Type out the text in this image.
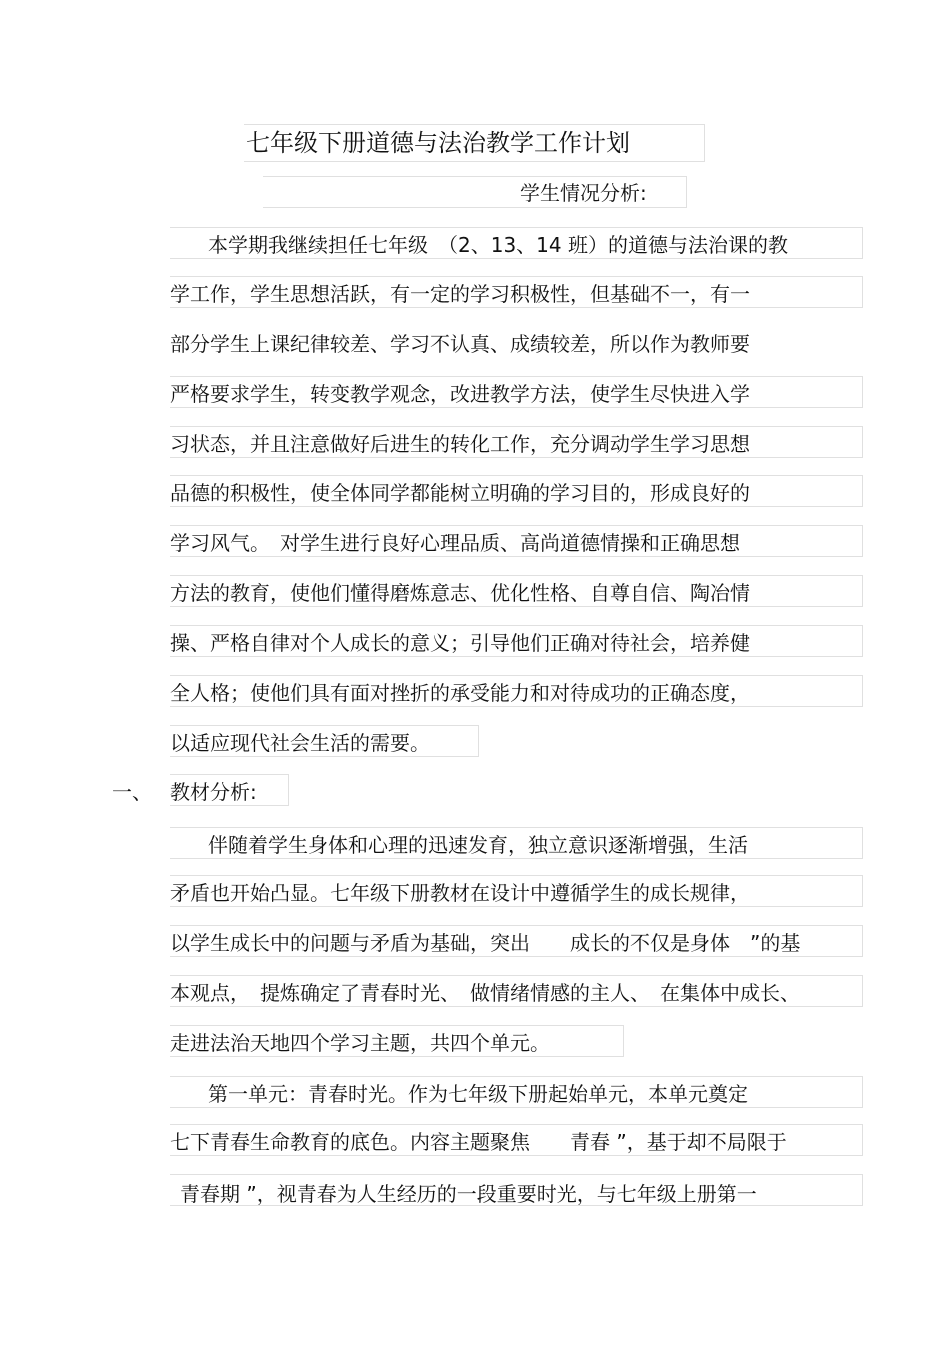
七年级下册道德与法治教学工作计划
学生情况分析:
本学期我继续担任七年级　（2、13、14 班）的道德与法治课的教
学工作，学生思想活跃，有一定的学习积极性，但基础不一，有一
部分学生上课纪律较差、学习不认真、成绩较差，所以作为教师要
严格要求学生，转变教学观念，改进教学方法，使学生尽快进入学
习状态，并且注意做好后进生的转化工作，充分调动学生学习思想
品德的积极性，使全体同学都能树立明确的学习目的，形成良好的
学习风气。　对学生进行良好心理品质、高尚道德情操和正确思想
方法的教育，使他们懂得磨炼意志、优化性格、自尊自信、陶冶情
操、严格自律对个人成长的意义；引导他们正确对待社会，培养健
全人格；使他们具有面对挫折的承受能力和对待成功的正确态度，
以适应现代社会生活的需要。
一、 教材分析:
伴随着学生身体和心理的迅速发育，独立意识逐渐增强，生活
矛盾也开始凸显。七年级下册教材在设计中遵循学生的成长规律，
以学生成长中的问题与矛盾为基础，突出　　成长的不仅是身体　”的基
本观点，　提炼确定了青春时光、　做情绪情感的主人、　在集体中成长、
走进法治天地四个学习主题，共四个单元。
第一单元：青春时光。作为七年级下册起始单元，本单元奠定
七下青春生命教育的底色。内容主题聚焦　　青春 ”，基于却不局限于
青春期 ”，视青春为人生经历的一段重要时光，与七年级上册第一
